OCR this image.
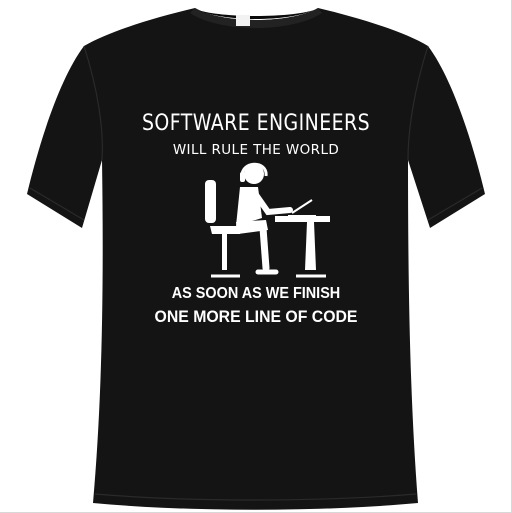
SOFTWARE ENGINEERS
WILL RULE THE WORLD
AS SOON AS WE FINISH
ONE MORE LINE OF CODE
